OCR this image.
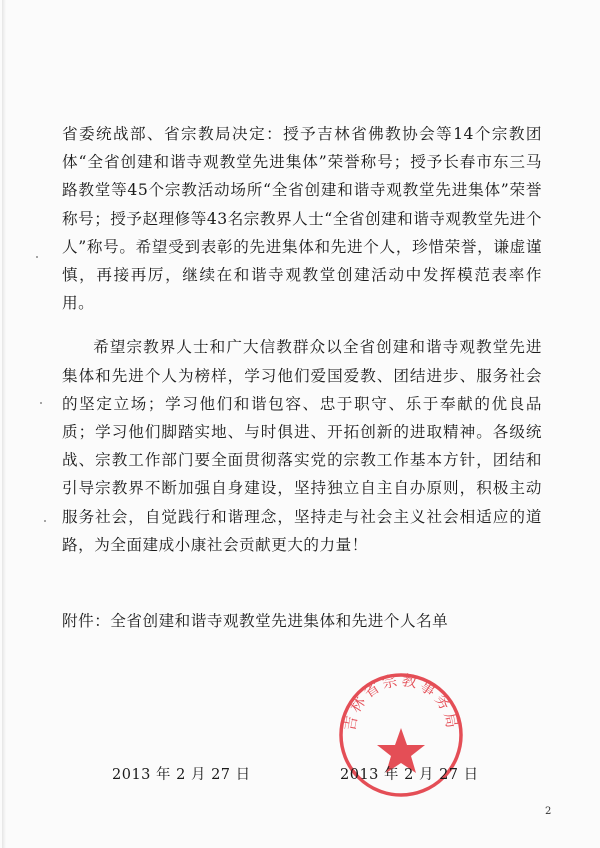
省委统战部、省宗教局决定：授予吉林省佛教协会等14个宗教团体“全省创建和谐寺观教堂先进集体”荣誉称号；授予长春市东三马路教堂等45个宗教活动场所“全省创建和谐寺观教堂先进集体”荣誉称号；授予赵理修等43名宗教界人士“全省创建和谐寺观教堂先进个人”称号。希望受到表彰的先进集体和先进个人，珍惜荣誉，谦虚谨慎，再接再厉，继续在和谐寺观教堂创建活动中发挥模范表率作用。

希望宗教界人士和广大信教群众以全省创建和谐寺观教堂先进集体和先进个人为榜样，学习他们爱国爱教、团结进步、服务社会的坚定立场；学习他们和谐包容、忠于职守、乐于奉献的优良品质；学习他们脚踏实地、与时俱进、开拓创新的进取精神。各级统战、宗教工作部门要全面贯彻落实党的宗教工作基本方针，团结和引导宗教界不断加强自身建设，坚持独立自主自办原则，积极主动服务社会，自觉践行和谐理念，坚持走与社会主义社会相适应的道路，为全面建成小康社会贡献更大的力量！

附件：全省创建和谐寺观教堂先进集体和先进个人名单
吉林省宗教事务局
2013 年 2 月 27 日	2013 年 2 月 27 日
2
